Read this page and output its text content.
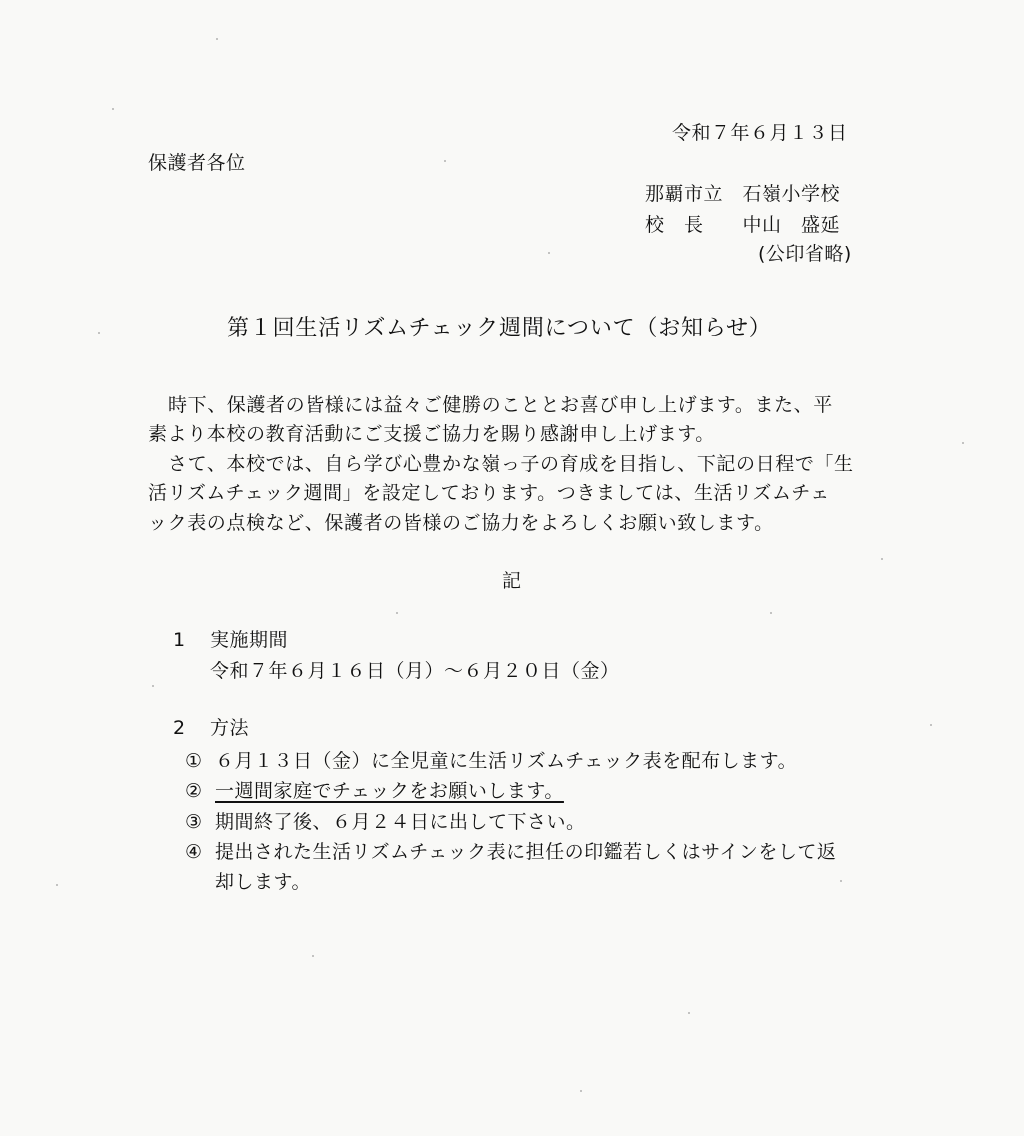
令和７年６月１３日
保護者各位
那覇市立　石嶺小学校
校　長　　中山　盛延
(公印省略)
第１回生活リズムチェック週間について（お知らせ）
時下、保護者の皆様には益々ご健勝のこととお喜び申し上げます。また、平
素より本校の教育活動にご支援ご協力を賜り感謝申し上げます。
さて、本校では、自ら学び心豊かな嶺っ子の育成を目指し、下記の日程で「生
活リズムチェック週間」を設定しております。つきましては、生活リズムチェ
ック表の点検など、保護者の皆様のご協力をよろしくお願い致します。
記
1 実施期間
令和７年６月１６日（月）～６月２０日（金）
2 方法
① ６月１３日（金）に全児童に生活リズムチェック表を配布します。
② 一週間家庭でチェックをお願いします。
③ 期間終了後、６月２４日に出して下さい。
④ 提出された生活リズムチェック表に担任の印鑑若しくはサインをして返
却します。
